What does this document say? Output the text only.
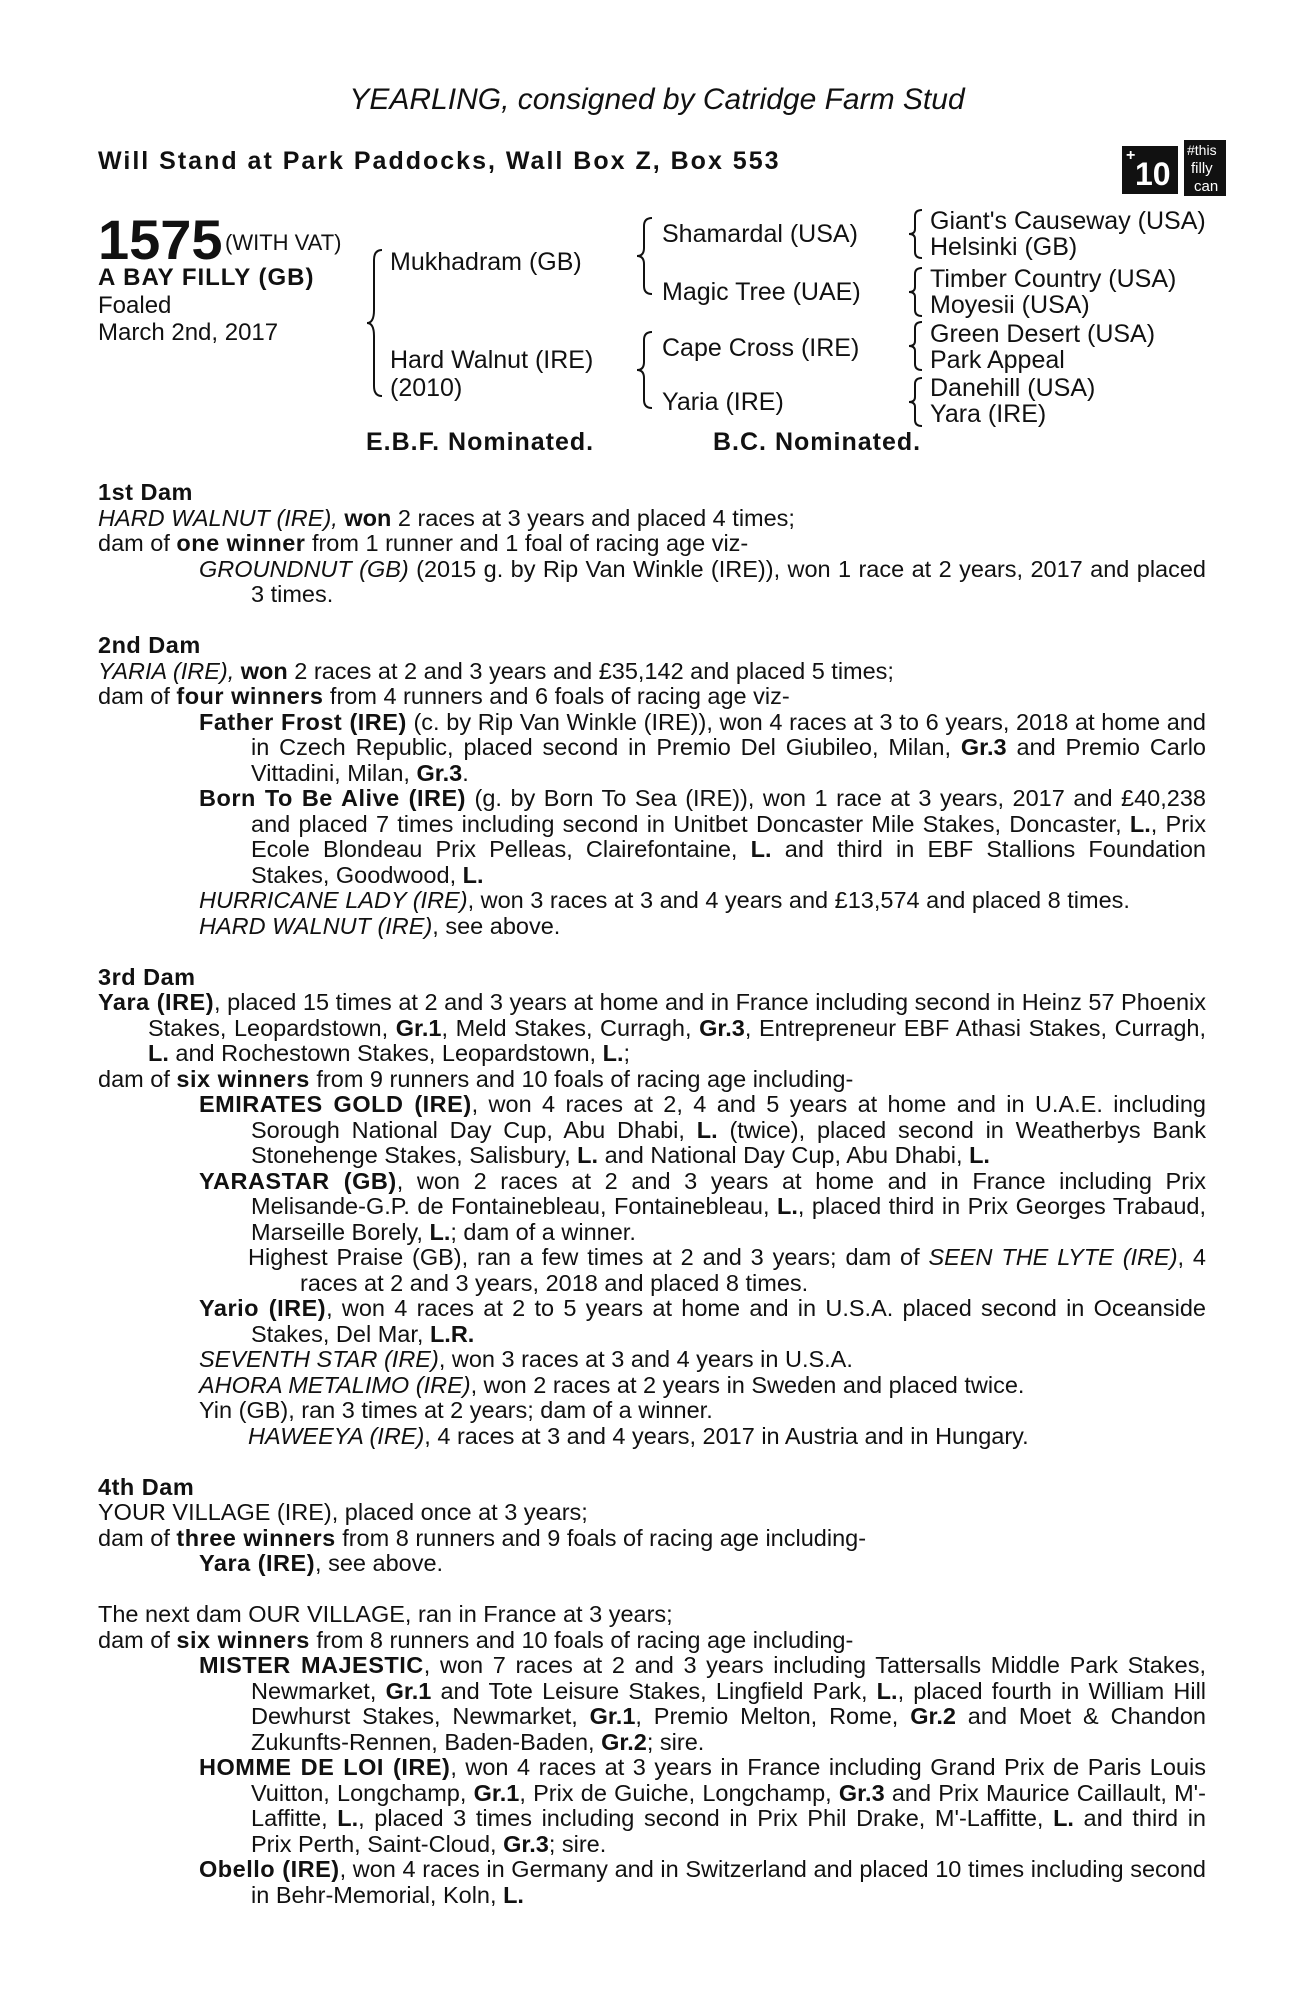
YEARLING, consigned by Catridge Farm Stud
Will Stand at Park Paddocks, Wall Box Z, Box 553	+
10
#this
filly
can
1575 (WITH VAT)
A BAY FILLY (GB)
Foaled
March 2nd, 2017
Mukhadram (GB)
Hard Walnut (IRE)
(2010)
Shamardal (USA)
Magic Tree (UAE)
Cape Cross (IRE)
Yaria (IRE)
Giant's Causeway (USA)
Helsinki (GB)
Timber Country (USA)
Moyesii (USA)
Green Desert (USA)
Park Appeal
Danehill (USA)
Yara (IRE)
E.B.F. Nominated.	B.C. Nominated.

1st Dam

HARD WALNUT (IRE), won 2 races at 3 years and placed 4 times;

dam of one winner from 1 runner and 1 foal of racing age viz-

GROUNDNUT (GB) (2015 g. by Rip Van Winkle (IRE)), won 1 race at 2 years, 2017 and placed 3 times.

2nd Dam

YARIA (IRE), won 2 races at 2 and 3 years and £35,142 and placed 5 times;

dam of four winners from 4 runners and 6 foals of racing age viz-

Father Frost (IRE) (c. by Rip Van Winkle (IRE)), won 4 races at 3 to 6 years, 2018 at home and in Czech Republic, placed second in Premio Del Giubileo, Milan, Gr.3 and Premio Carlo Vittadini, Milan, Gr.3.

Born To Be Alive (IRE) (g. by Born To Sea (IRE)), won 1 race at 3 years, 2017 and £40,238 and placed 7 times including second in Unitbet Doncaster Mile Stakes, Doncaster, L., Prix Ecole Blondeau Prix Pelleas, Clairefontaine, L. and third in EBF Stallions Foundation Stakes, Goodwood, L.

HURRICANE LADY (IRE), won 3 races at 3 and 4 years and £13,574 and placed 8 times.

HARD WALNUT (IRE), see above.

3rd Dam

Yara (IRE), placed 15 times at 2 and 3 years at home and in France including second in Heinz 57 Phoenix Stakes, Leopardstown, Gr.1, Meld Stakes, Curragh, Gr.3, Entrepreneur EBF Athasi Stakes, Curragh, L. and Rochestown Stakes, Leopardstown, L.;

dam of six winners from 9 runners and 10 foals of racing age including-

EMIRATES GOLD (IRE), won 4 races at 2, 4 and 5 years at home and in U.A.E. including Sorough National Day Cup, Abu Dhabi, L. (twice), placed second in Weatherbys Bank Stonehenge Stakes, Salisbury, L. and National Day Cup, Abu Dhabi, L.

YARASTAR (GB), won 2 races at 2 and 3 years at home and in France including Prix Melisande-G.P. de Fontainebleau, Fontainebleau, L., placed third in Prix Georges Trabaud, Marseille Borely, L.; dam of a winner.

Highest Praise (GB), ran a few times at 2 and 3 years; dam of SEEN THE LYTE (IRE), 4 races at 2 and 3 years, 2018 and placed 8 times.

Yario (IRE), won 4 races at 2 to 5 years at home and in U.S.A. placed second in Oceanside Stakes, Del Mar, L.R.

SEVENTH STAR (IRE), won 3 races at 3 and 4 years in U.S.A.

AHORA METALIMO (IRE), won 2 races at 2 years in Sweden and placed twice.

Yin (GB), ran 3 times at 2 years; dam of a winner.

HAWEEYA (IRE), 4 races at 3 and 4 years, 2017 in Austria and in Hungary.

4th Dam

YOUR VILLAGE (IRE), placed once at 3 years;

dam of three winners from 8 runners and 9 foals of racing age including-

Yara (IRE), see above.

The next dam OUR VILLAGE, ran in France at 3 years;

dam of six winners from 8 runners and 10 foals of racing age including-

MISTER MAJESTIC, won 7 races at 2 and 3 years including Tattersalls Middle Park Stakes, Newmarket, Gr.1 and Tote Leisure Stakes, Lingfield Park, L., placed fourth in William Hill Dewhurst Stakes, Newmarket, Gr.1, Premio Melton, Rome, Gr.2 and Moet & Chandon Zukunfts-Rennen, Baden-Baden, Gr.2; sire.

HOMME DE LOI (IRE), won 4 races at 3 years in France including Grand Prix de Paris Louis Vuitton, Longchamp, Gr.1, Prix de Guiche, Longchamp, Gr.3 and Prix Maurice Caillault, M'-Laffitte, L., placed 3 times including second in Prix Phil Drake, M'-Laffitte, L. and third in Prix Perth, Saint-Cloud, Gr.3; sire.

Obello (IRE), won 4 races in Germany and in Switzerland and placed 10 times including second in Behr-Memorial, Koln, L.
